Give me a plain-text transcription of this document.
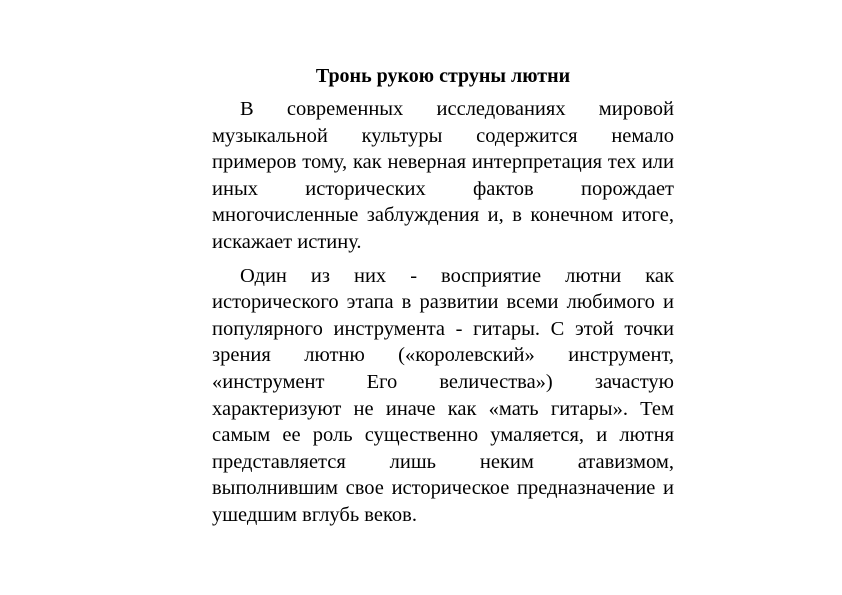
Тронь рукою струны лютни

В современных исследованиях мировой музыкальной культуры содержится немало примеров тому, как неверная интерпретация тех или иных исторических фактов порождает многочисленные заблуждения и, в конечном итоге, искажает истину.

Один из них - восприятие лютни как исторического этапа в развитии всеми любимого и популярного инструмента - гитары. С этой точки зрения лютню («королевский» инструмент, «инструмент Его величества») зачастую характеризуют не иначе как «мать гитары». Тем самым ее роль существенно умаляется, и лютня представляется лишь неким атавизмом, выполнившим свое историческое предназначение и ушедшим вглубь веков.
